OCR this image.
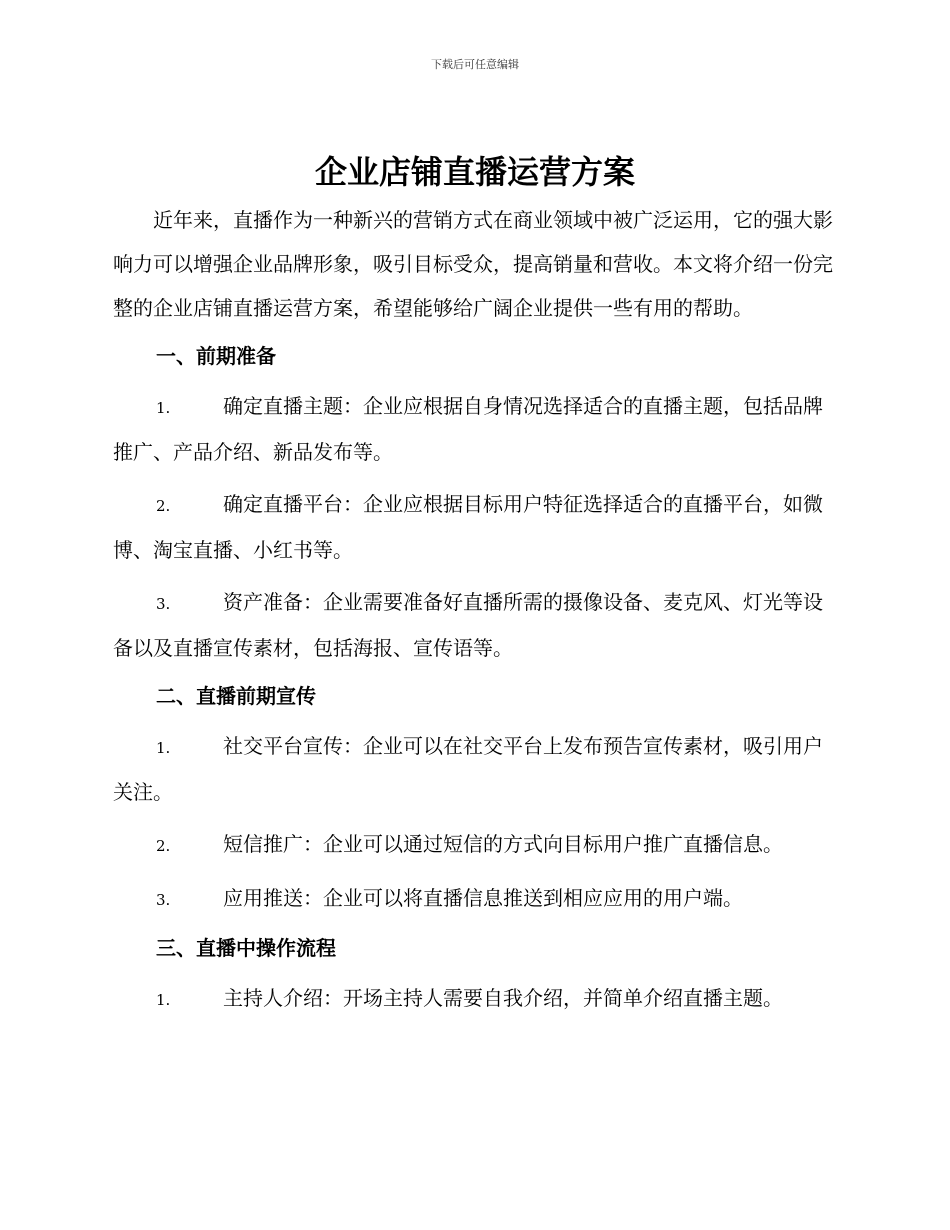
下载后可任意编辑
企业店铺直播运营方案

近年来，直播作为一种新兴的营销方式在商业领域中被广泛运用，它的强大影响力可以增强企业品牌形象，吸引目标受众，提高销量和营收。本文将介绍一份完整的企业店铺直播运营方案，希望能够给广阔企业提供一些有用的帮助。

一、前期准备
1.	确定直播主题：企业应根据自身情况选择适合的直播主题，包括品牌推广、产品介绍、新品发布等。
2.	确定直播平台：企业应根据目标用户特征选择适合的直播平台，如微博、淘宝直播、小红书等。
3.	资产准备：企业需要准备好直播所需的摄像设备、麦克风、灯光等设备以及直播宣传素材，包括海报、宣传语等。
二、直播前期宣传
1.	社交平台宣传：企业可以在社交平台上发布预告宣传素材，吸引用户关注。
2.	短信推广：企业可以通过短信的方式向目标用户推广直播信息。
3.	应用推送：企业可以将直播信息推送到相应应用的用户端。
三、直播中操作流程
1.	主持人介绍：开场主持人需要自我介绍，并简单介绍直播主题。
